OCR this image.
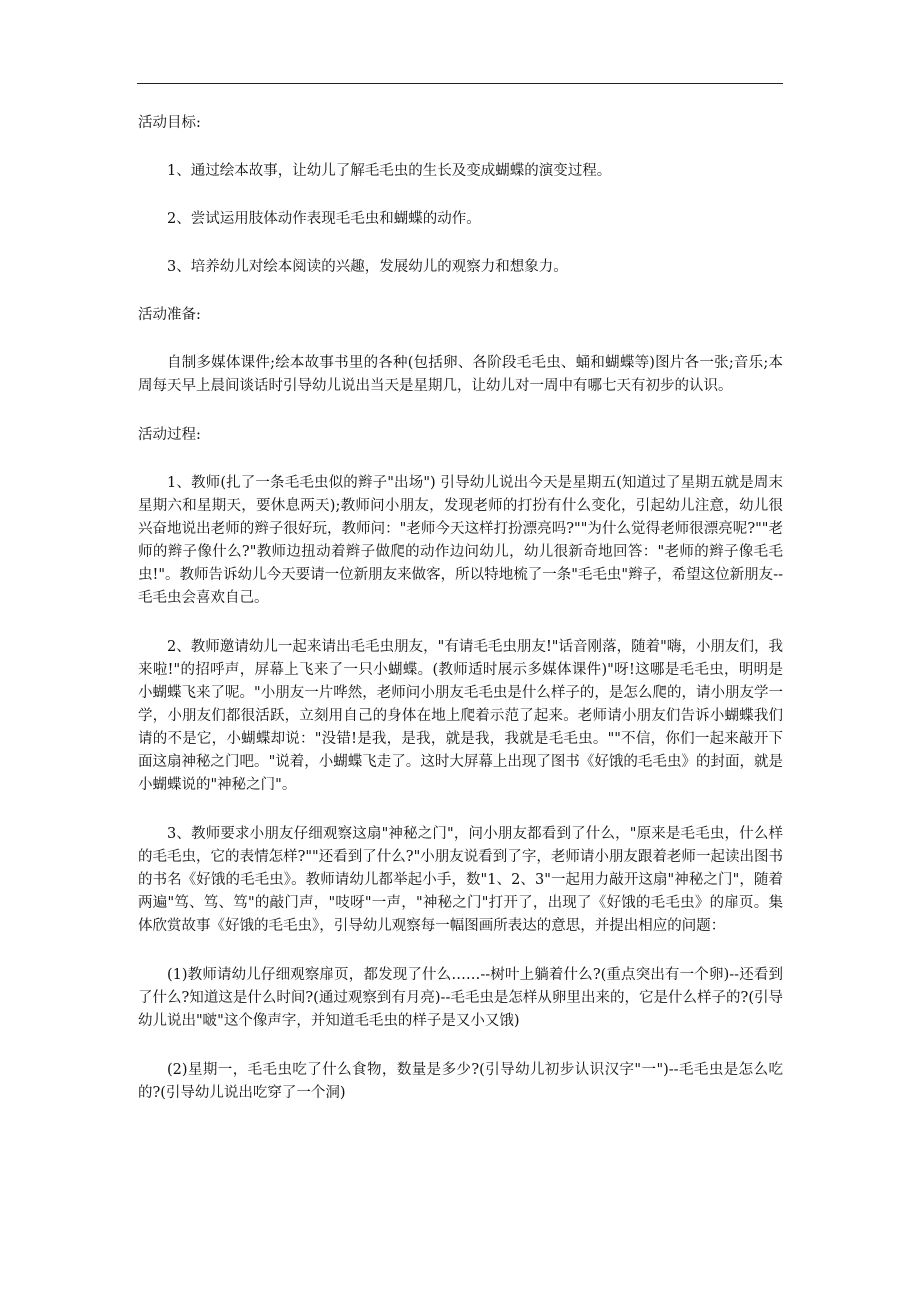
活动目标:

1、通过绘本故事，让幼儿了解毛毛虫的生长及变成蝴蝶的演变过程。

2、尝试运用肢体动作表现毛毛虫和蝴蝶的动作。

3、培养幼儿对绘本阅读的兴趣，发展幼儿的观察力和想象力。

活动准备:

自制多媒体课件;绘本故事书里的各种(包括卵、各阶段毛毛虫、蛹和蝴蝶等)图片各一张;音乐;本周每天早上晨间谈话时引导幼儿说出当天是星期几，让幼儿对一周中有哪七天有初步的认识。

活动过程:

1、教师(扎了一条毛毛虫似的辫子"出场") 引导幼儿说出今天是星期五(知道过了星期五就是周末星期六和星期天，要休息两天);教师问小朋友，发现老师的打扮有什么变化，引起幼儿注意，幼儿很兴奋地说出老师的辫子很好玩，教师问："老师今天这样打扮漂亮吗?""为什么觉得老师很漂亮呢?""老师的辫子像什么?"教师边扭动着辫子做爬的动作边问幼儿，幼儿很新奇地回答："老师的辫子像毛毛虫!"。教师告诉幼儿今天要请一位新朋友来做客，所以特地梳了一条"毛毛虫"辫子，希望这位新朋友--毛毛虫会喜欢自己。

2、教师邀请幼儿一起来请出毛毛虫朋友，"有请毛毛虫朋友!"话音刚落，随着"嗨，小朋友们，我来啦!"的招呼声，屏幕上飞来了一只小蝴蝶。(教师适时展示多媒体课件)"呀!这哪是毛毛虫，明明是小蝴蝶飞来了呢。"小朋友一片哗然，老师问小朋友毛毛虫是什么样子的，是怎么爬的，请小朋友学一学，小朋友们都很活跃，立刻用自己的身体在地上爬着示范了起来。老师请小朋友们告诉小蝴蝶我们请的不是它，小蝴蝶却说："没错!是我，是我，就是我，我就是毛毛虫。""不信，你们一起来敲开下面这扇神秘之门吧。"说着，小蝴蝶飞走了。这时大屏幕上出现了图书《好饿的毛毛虫》的封面，就是小蝴蝶说的"神秘之门"。

3、教师要求小朋友仔细观察这扇"神秘之门"，问小朋友都看到了什么，"原来是毛毛虫，什么样的毛毛虫，它的表情怎样?""还看到了什么?"小朋友说看到了字，老师请小朋友跟着老师一起读出图书的书名《好饿的毛毛虫》。教师请幼儿都举起小手，数"1、2、3"一起用力敲开这扇"神秘之门"，随着两遍"笃、笃、笃"的敲门声，"吱呀"一声，"神秘之门"打开了，出现了《好饿的毛毛虫》的扉页。集体欣赏故事《好饿的毛毛虫》，引导幼儿观察每一幅图画所表达的意思，并提出相应的问题：

(1)教师请幼儿仔细观察扉页，都发现了什么……--树叶上躺着什么?(重点突出有一个卵)--还看到了什么?知道这是什么时间?(通过观察到有月亮)--毛毛虫是怎样从卵里出来的，它是什么样子的?(引导幼儿说出"啵"这个像声字，并知道毛毛虫的样子是又小又饿)

(2)星期一，毛毛虫吃了什么食物，数量是多少?(引导幼儿初步认识汉字"一")--毛毛虫是怎么吃的?(引导幼儿说出吃穿了一个洞)
